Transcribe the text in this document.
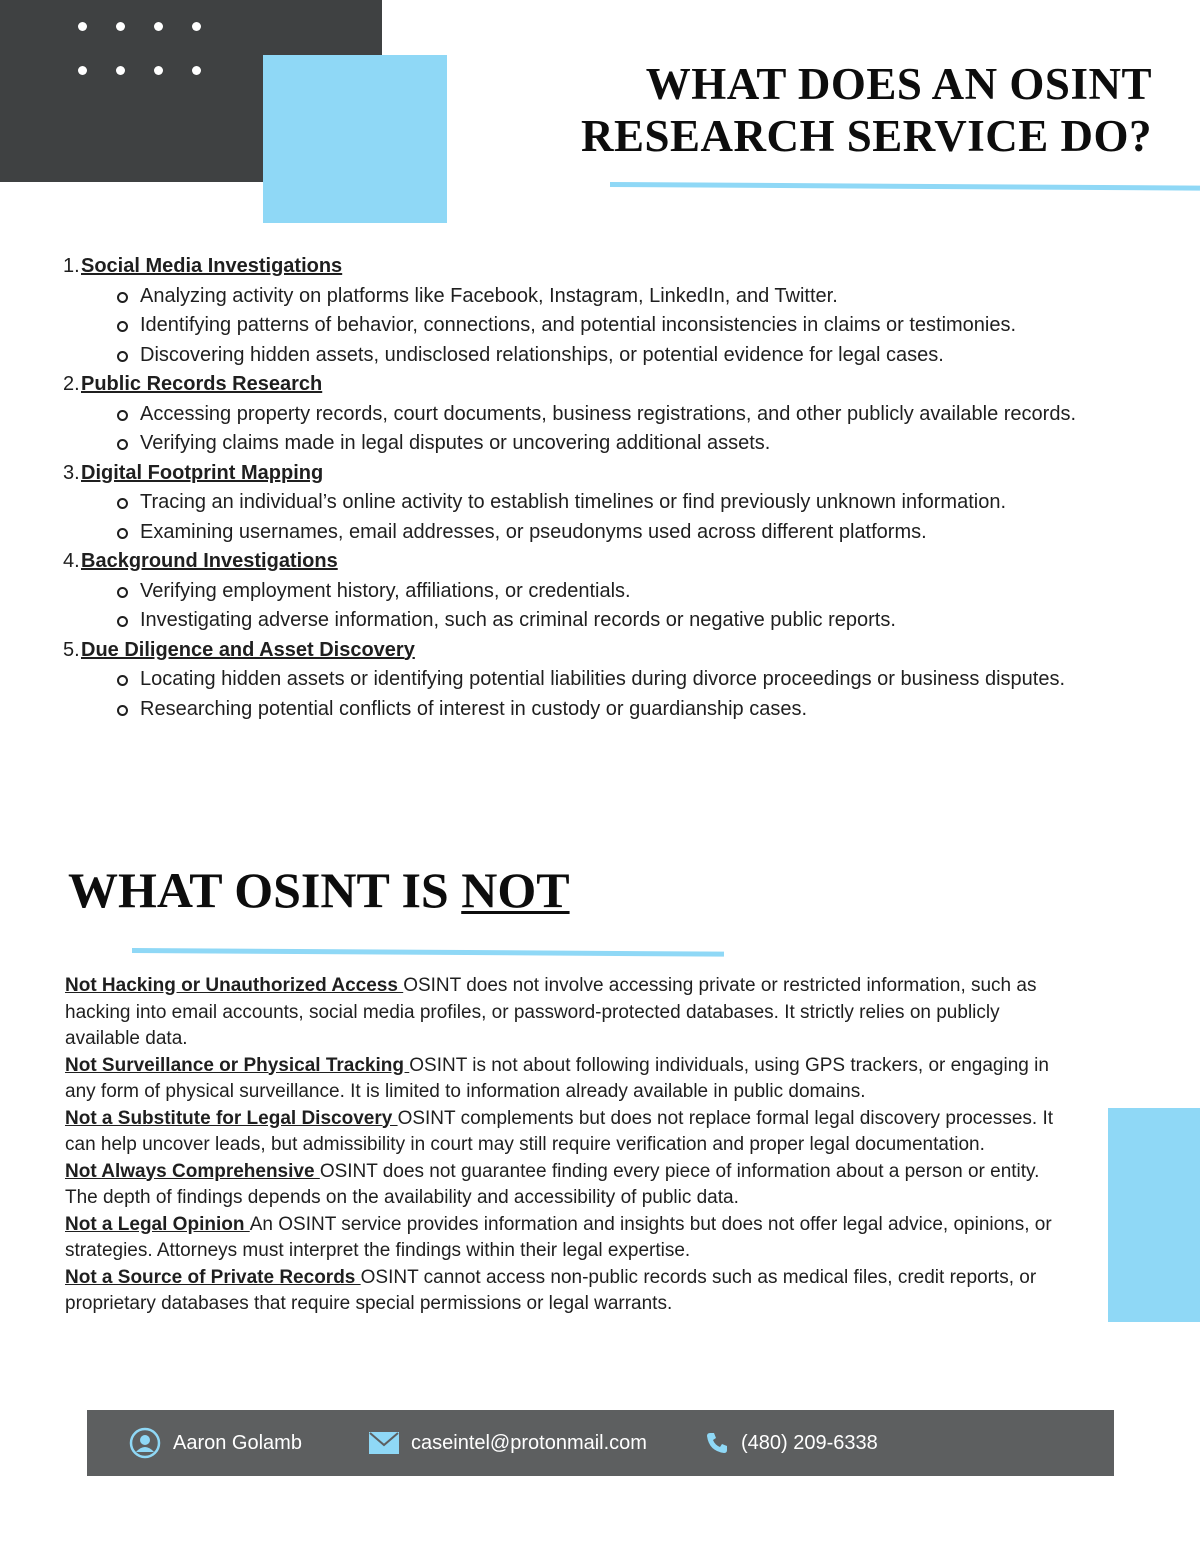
WHAT DOES AN OSINT
RESEARCH SERVICE DO?
1. Social Media Investigations
Analyzing activity on platforms like Facebook, Instagram, LinkedIn, and Twitter.
Identifying patterns of behavior, connections, and potential inconsistencies in claims or testimonies.
Discovering hidden assets, undisclosed relationships, or potential evidence for legal cases.
2. Public Records Research
Accessing property records, court documents, business registrations, and other publicly available records.
Verifying claims made in legal disputes or uncovering additional assets.
3. Digital Footprint Mapping
Tracing an individual’s online activity to establish timelines or find previously unknown information.
Examining usernames, email addresses, or pseudonyms used across different platforms.
4. Background Investigations
Verifying employment history, affiliations, or credentials.
Investigating adverse information, such as criminal records or negative public reports.
5. Due Diligence and Asset Discovery
Locating hidden assets or identifying potential liabilities during divorce proceedings or business disputes.
Researching potential conflicts of interest in custody or guardianship cases.
WHAT OSINT IS NOT

Not Hacking or Unauthorized Access OSINT does not involve accessing private or restricted information, such as hacking into email accounts, social media profiles, or password-protected databases. It strictly relies on publicly available data.

Not Surveillance or Physical Tracking OSINT is not about following individuals, using GPS trackers, or engaging in any form of physical surveillance. It is limited to information already available in public domains.

Not a Substitute for Legal Discovery OSINT complements but does not replace formal legal discovery processes. It can help uncover leads, but admissibility in court may still require verification and proper legal documentation.

Not Always Comprehensive OSINT does not guarantee finding every piece of information about a person or entity. The depth of findings depends on the availability and accessibility of public data.

Not a Legal Opinion An OSINT service provides information and insights but does not offer legal advice, opinions, or strategies. Attorneys must interpret the findings within their legal expertise.

Not a Source of Private Records OSINT cannot access non-public records such as medical files, credit reports, or proprietary databases that require special permissions or legal warrants.

Aaron Golamb	caseintel@protonmail.com	(480) 209-6338
